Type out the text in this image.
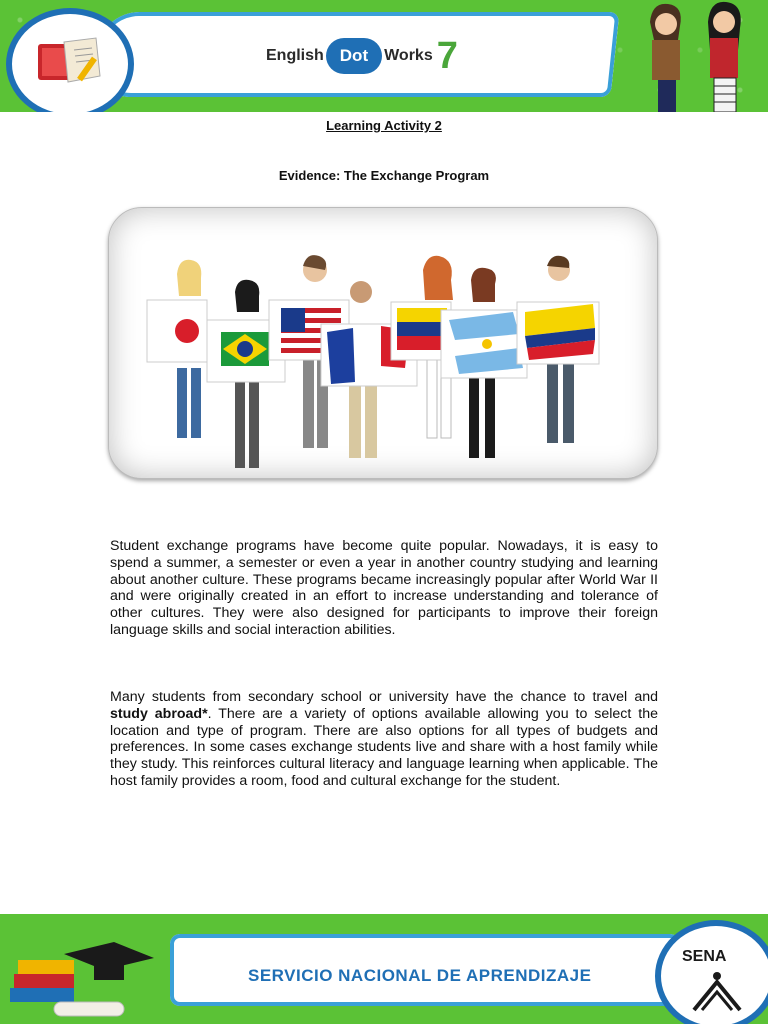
English Dot	Works 7
Learning Activity 2
Evidence: The Exchange Program

Student exchange programs have become quite popular. Nowadays, it is easy to spend a summer, a semester or even a year in another country studying and learning about another culture. These programs became increasingly popular after World War II and were originally created in an effort to increase understanding and tolerance of other cultures. They were also designed for participants to improve their foreign language skills and social interaction abilities.

Many students from secondary school or university have the chance to travel and study abroad*. There are a variety of options available allowing you to select the location and type of program. There are also options for all types of budgets and preferences. In some cases exchange students live and share with a host family while they study. This reinforces cultural literacy and language learning when applicable. The host family provides a room, food and cultural exchange for the student.

SERVICIO NACIONAL DE APRENDIZAJE
SENA
